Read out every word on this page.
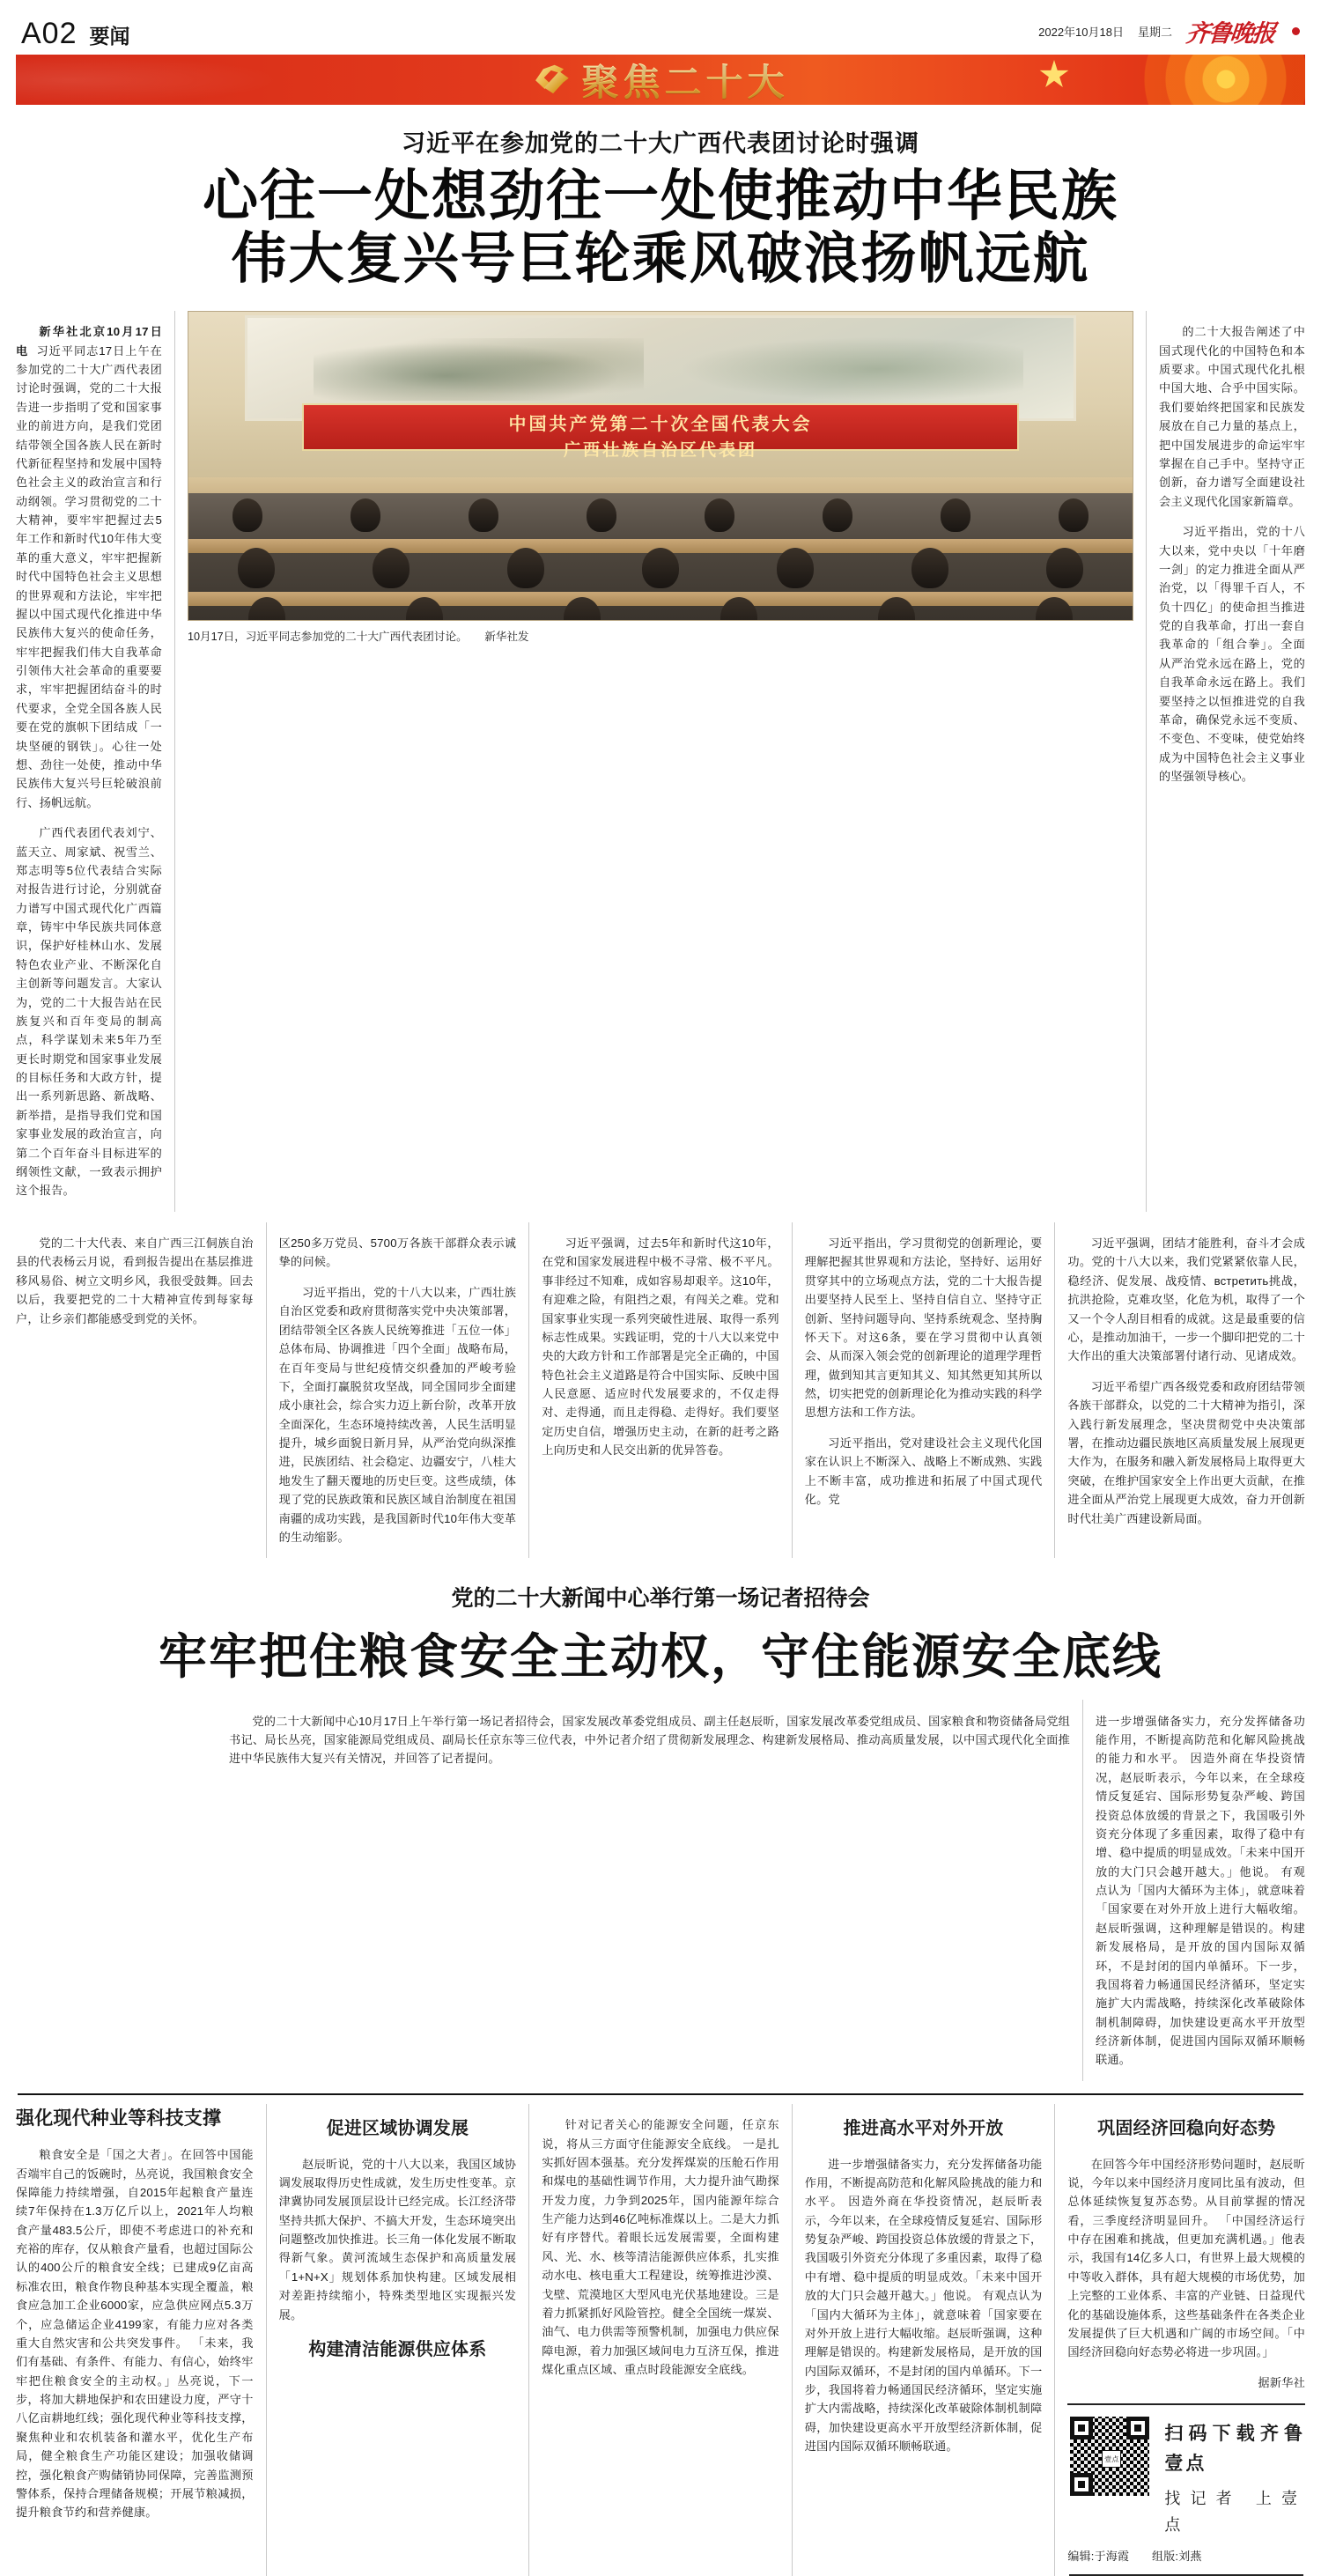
A02 要闻	2022年10月18日 星期二 齐鲁晚报
聚焦二十大
习近平在参加党的二十大广西代表团讨论时强调
心往一处想劲往一处使推动中华民族
伟大复兴号巨轮乘风破浪扬帆远航

新华社北京10月17日电 习近平同志17日上午在参加党的二十大广西代表团讨论时强调，党的二十大报告进一步指明了党和国家事业的前进方向，是我们党团结带领全国各族人民在新时代新征程坚持和发展中国特色社会主义的政治宣言和行动纲领。学习贯彻党的二十大精神，要牢牢把握过去5年工作和新时代10年伟大变革的重大意义，牢牢把握新时代中国特色社会主义思想的世界观和方法论，牢牢把握以中国式现代化推进中华民族伟大复兴的使命任务，牢牢把握我们伟大自我革命引领伟大社会革命的重要要求，牢牢把握团结奋斗的时代要求，全党全国各族人民要在党的旗帜下团结成「一块坚硬的钢铁」。心往一处想、劲往一处使，推动中华民族伟大复兴号巨轮破浪前行、扬帆远航。

广西代表团代表刘宁、蓝天立、周家斌、祝雪兰、郑志明等5位代表结合实际对报告进行讨论，分别就奋力谱写中国式现代化广西篇章，铸牢中华民族共同体意识，保护好桂林山水、发展特色农业产业、不断深化自主创新等问题发言。大家认为，党的二十大报告站在民族复兴和百年变局的制高点，科学谋划未来5年乃至更长时期党和国家事业发展的目标任务和大政方针，提出一系列新思路、新战略、新举措，是指导我们党和国家事业发展的政治宣言，向第二个百年奋斗目标进军的纲领性文献，一致表示拥护这个报告。

中国共产党第二十次全国代表大会
广西壮族自治区代表团
10月17日，习近平同志参加党的二十大广西代表团讨论。 新华社发

的二十大报告阐述了中国式现代化的中国特色和本质要求。中国式现代化扎根中国大地、合乎中国实际。我们要始终把国家和民族发展放在自己力量的基点上，把中国发展进步的命运牢牢掌握在自己手中。坚持守正创新，奋力谱写全面建设社会主义现代化国家新篇章。

习近平指出，党的十八大以来，党中央以「十年磨一剑」的定力推进全面从严治党，以「得罪千百人，不负十四亿」的使命担当推进党的自我革命，打出一套自我革命的「组合拳」。全面从严治党永远在路上，党的自我革命永远在路上。我们要坚持之以恒推进党的自我革命，确保党永远不变质、不变色、不变味，使党始终成为中国特色社会主义事业的坚强领导核心。

党的二十大代表、来自广西三江侗族自治县的代表杨云月说，看到报告提出在基层推进移风易俗、树立文明乡风，我很受鼓舞。回去以后，我要把党的二十大精神宣传到每家每户，让乡亲们都能感受到党的关怀。

区250多万党员、5700万各族干部群众表示诚挚的问候。

习近平指出，党的十八大以来，广西壮族自治区党委和政府贯彻落实党中央决策部署，团结带领全区各族人民统筹推进「五位一体」总体布局、协调推进「四个全面」战略布局，在百年变局与世纪疫情交织叠加的严峻考验下，全面打赢脱贫攻坚战，同全国同步全面建成小康社会，综合实力迈上新台阶，改革开放全面深化，生态环境持续改善，人民生活明显提升，城乡面貌日新月异，从严治党向纵深推进，民族团结、社会稳定、边疆安宁，八桂大地发生了翻天覆地的历史巨变。这些成绩，体现了党的民族政策和民族区域自治制度在祖国南疆的成功实践，是我国新时代10年伟大变革的生动缩影。

习近平强调，过去5年和新时代这10年，在党和国家发展进程中极不寻常、极不平凡。事非经过不知难，成如容易却艰辛。这10年，有迎难之险，有阻挡之艰，有闯关之难。党和国家事业实现一系列突破性进展、取得一系列标志性成果。实践证明，党的十八大以来党中央的大政方针和工作部署是完全正确的，中国特色社会主义道路是符合中国实际、反映中国人民意愿、适应时代发展要求的，不仅走得对、走得通，而且走得稳、走得好。我们要坚定历史自信，增强历史主动，在新的赶考之路上向历史和人民交出新的优异答卷。

习近平指出，学习贯彻党的创新理论，要理解把握其世界观和方法论，坚持好、运用好贯穿其中的立场观点方法，党的二十大报告提出要坚持人民至上、坚持自信自立、坚持守正创新、坚持问题导向、坚持系统观念、坚持胸怀天下。对这6条，要在学习贯彻中认真领会、从而深入领会党的创新理论的道理学理哲理，做到知其言更知其义、知其然更知其所以然，切实把党的创新理论化为推动实践的科学思想方法和工作方法。

习近平指出，党对建设社会主义现代化国家在认识上不断深入、战略上不断成熟、实践上不断丰富，成功推进和拓展了中国式现代化。党

习近平强调，团结才能胜利，奋斗才会成功。党的十八大以来，我们党紧紧依靠人民，稳经济、促发展、战疫情、встретить挑战，抗洪抢险，克难攻坚，化危为机，取得了一个又一个令人刮目相看的成就。这是最重要的信心，是推动加油干，一步一个脚印把党的二十大作出的重大决策部署付诸行动、见诸成效。

习近平希望广西各级党委和政府团结带领各族干部群众，以党的二十大精神为指引，深入践行新发展理念，坚决贯彻党中央决策部署，在推动边疆民族地区高质量发展上展现更大作为，在服务和融入新发展格局上取得更大突破，在维护国家安全上作出更大贡献，在推进全面从严治党上展现更大成效，奋力开创新时代壮美广西建设新局面。

党的二十大新闻中心举行第一场记者招待会
牢牢把住粮食安全主动权，守住能源安全底线

党的二十大新闻中心10月17日上午举行第一场记者招待会，国家发展改革委党组成员、副主任赵辰昕，国家发展改革委党组成员、国家粮食和物资储备局党组书记、局长丛亮，国家能源局党组成员、副局长任京东等三位代表，中外记者介绍了贯彻新发展理念、构建新发展格局、推动高质量发展，以中国式现代化全面推进中华民族伟大复兴有关情况，并回答了记者提问。

进一步增强储备实力，充分发挥储备功能作用，不断提高防范和化解风险挑战的能力和水平。 因造外商在华投资情况，赵辰昕表示，今年以来，在全球疫情反复延宕、国际形势复杂严峻、跨国投资总体放缓的背景之下，我国吸引外资充分体现了多重因素，取得了稳中有增、稳中提质的明显成效。「未来中国开放的大门只会越开越大。」他说。 有观点认为「国内大循环为主体」，就意味着「国家要在对外开放上进行大幅收缩。赵辰昕强调，这种理解是错误的。构建新发展格局，是开放的国内国际双循环，不是封闭的国内单循环。下一步，我国将着力畅通国民经济循环，坚定实施扩大内需战略，持续深化改革破除体制机制障碍，加快建设更高水平开放型经济新体制，促进国内国际双循环顺畅联通。

强化现代种业等科技支撑

粮食安全是「国之大者」。在回答中国能否端牢自己的饭碗时，丛亮说，我国粮食安全保障能力持续增强，自2015年起粮食产量连续7年保持在1.3万亿斤以上，2021年人均粮食产量483.5公斤，即使不考虑进口的补充和充裕的库存，仅从粮食产量看，也超过国际公认的400公斤的粮食安全线；已建成9亿亩高标准农田，粮食作物良种基本实现全覆盖，粮食应急加工企业6000家，应急供应网点5.3万个，应急储运企业4199家，有能力应对各类重大自然灾害和公共突发事件。 「未来，我们有基础、有条件、有能力、有信心，始终牢牢把住粮食安全的主动权。」丛亮说，下一步，将加大耕地保护和农田建设力度，严守十八亿亩耕地红线；强化现代种业等科技支撑，聚焦种业和农机装备和灌水平，优化生产布局，健全粮食生产功能区建设；加强收储调控，强化粮食产购储销协同保障，完善监测预警体系，保持合理储备规模；开展节粮减损，提升粮食节约和营养健康。

促进区域协调发展

赵辰昕说，党的十八大以来，我国区域协调发展取得历史性成就，发生历史性变革。京津冀协同发展顶层设计已经完成。长江经济带坚持共抓大保护、不搞大开发，生态环境突出问题整改加快推进。长三角一体化发展不断取得新气象。黄河流域生态保护和高质量发展「1+N+X」规划体系加快构建。区域发展相对差距持续缩小，特殊类型地区实现振兴发展。

构建清洁能源供应体系

针对记者关心的能源安全问题，任京东说，将从三方面守住能源安全底线。 一是扎实抓好固本强基。充分发挥煤炭的压舱石作用和煤电的基础性调节作用，大力提升油气勘探开发力度，力争到2025年，国内能源年综合生产能力达到46亿吨标准煤以上。二是大力抓好有序替代。着眼长远发展需要，全面构建风、光、水、核等清洁能源供应体系，扎实推动水电、核电重大工程建设，统筹推进沙漠、戈壁、荒漠地区大型风电光伏基地建设。三是着力抓紧抓好风险管控。健全全国统一煤炭、油气、电力供需等预警机制，加强电力供应保障电源，着力加强区域间电力互济互保，推进煤化重点区域、重点时段能源安全底线。

推进高水平对外开放

进一步增强储备实力，充分发挥储备功能作用，不断提高防范和化解风险挑战的能力和水平。 因造外商在华投资情况，赵辰昕表示，今年以来，在全球疫情反复延宕、国际形势复杂严峻、跨国投资总体放缓的背景之下，我国吸引外资充分体现了多重因素，取得了稳中有增、稳中提质的明显成效。「未来中国开放的大门只会越开越大。」他说。 有观点认为「国内大循环为主体」，就意味着「国家要在对外开放上进行大幅收缩。赵辰昕强调，这种理解是错误的。构建新发展格局，是开放的国内国际双循环，不是封闭的国内单循环。下一步，我国将着力畅通国民经济循环，坚定实施扩大内需战略，持续深化改革破除体制机制障碍，加快建设更高水平开放型经济新体制，促进国内国际双循环顺畅联通。

巩固经济回稳向好态势

在回答今年中国经济形势问题时，赵辰昕说，今年以来中国经济月度同比虽有波动，但总体延续恢复复苏态势。从目前掌握的情况看，三季度经济明显回升。 「中国经济运行中存在困难和挑战，但更加充满机遇。」他表示，我国有14亿多人口，有世界上最大规模的中等收入群体，具有超大规模的市场优势，加上完整的工业体系、丰富的产业链、日益现代化的基础设施体系，这些基础条件在各类企业发展提供了巨大机遇和广阔的市场空间。「中国经济回稳向好态势必将进一步巩固。」

据新华社

壹点
扫码下载齐鲁壹点
找记者 上壹点
编辑:于海霞 组版:刘燕
